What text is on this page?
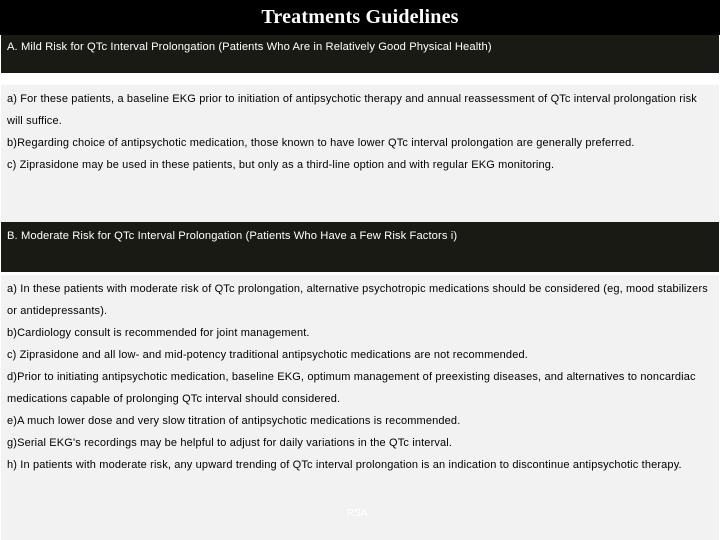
Treatments Guidelines
A. Mild Risk for QTc Interval Prolongation (Patients Who Are in Relatively Good Physical Health)

a) For these patients, a baseline EKG prior to initiation of antipsychotic therapy and annual reassessment of QTc interval prolongation risk will suffice.

b)Regarding choice of antipsychotic medication, those known to have lower QTc interval prolongation are generally preferred.

c) Ziprasidone may be used in these patients, but only as a third-line option and with regular EKG monitoring.

B. Moderate Risk for QTc Interval Prolongation (Patients Who Have a Few Risk Factors i)

a) In these patients with moderate risk of QTc prolongation, alternative psychotropic medications should be considered (eg, mood stabilizers or antidepressants).

b)Cardiology consult is recommended for joint management.

c) Ziprasidone and all low- and mid-potency traditional antipsychotic medications are not recommended.

d)Prior to initiating antipsychotic medication, baseline EKG, optimum management of preexisting diseases, and alternatives to noncardiac medications capable of prolonging QTc interval should considered.

e)A much lower dose and very slow titration of antipsychotic medications is recommended.

g)Serial EKG's recordings may be helpful to adjust for daily variations in the QTc interval.

h) In patients with moderate risk, any upward trending of QTc interval prolongation is an indication to discontinue antipsychotic therapy.

RSA
